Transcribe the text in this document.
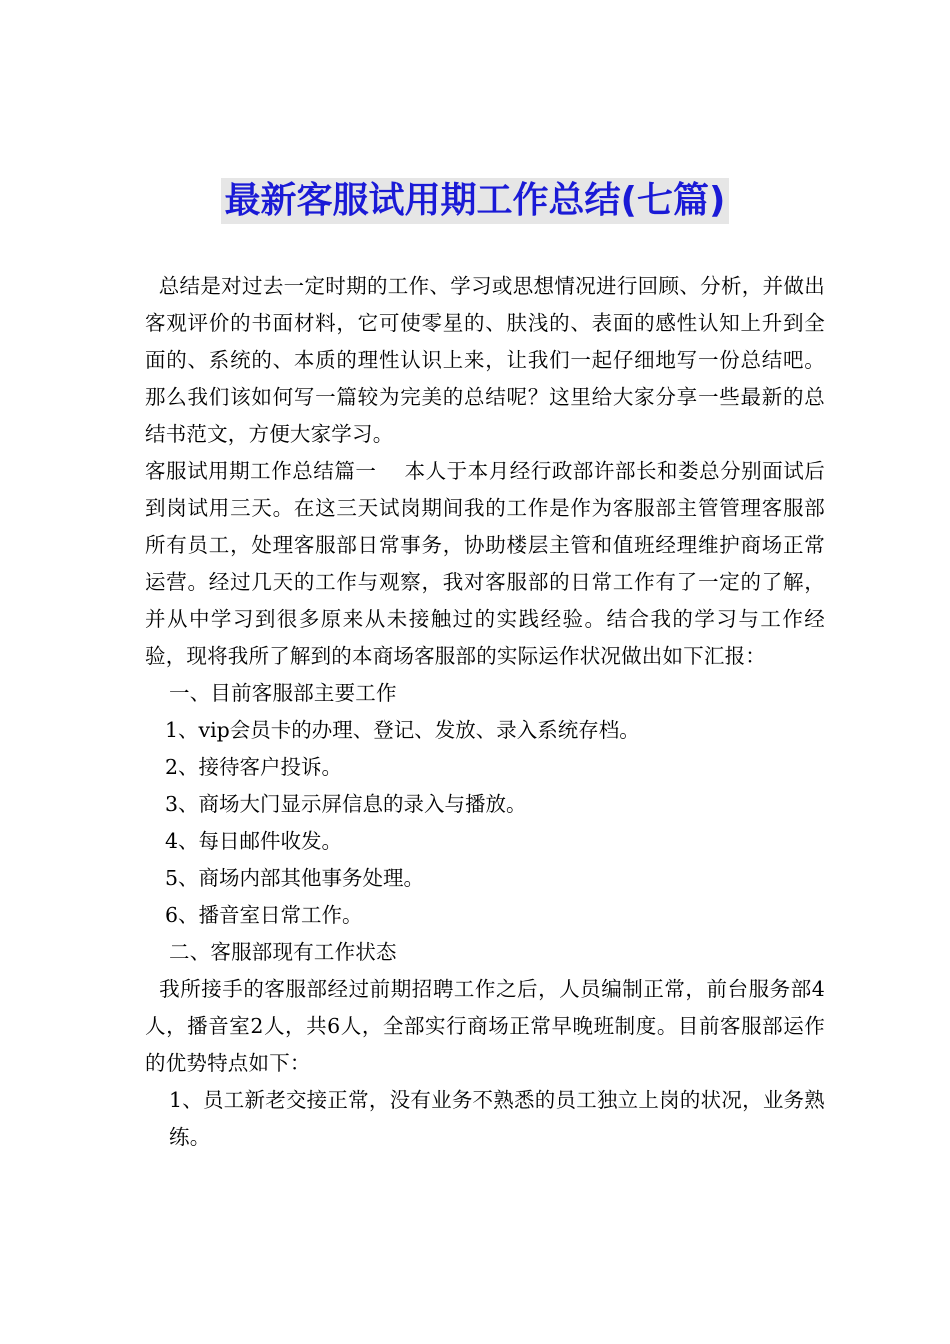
最新客服试用期工作总结(七篇)

总结是对过去一定时期的工作、学习或思想情况进行回顾、分析，并做出客观评价的书面材料，它可使零星的、肤浅的、表面的感性认知上升到全面的、系统的、本质的理性认识上来，让我们一起仔细地写一份总结吧。那么我们该如何写一篇较为完美的总结呢？这里给大家分享一些最新的总结书范文，方便大家学习。

客服试用期工作总结篇一    本人于本月经行政部许部长和娄总分别面试后到岗试用三天。在这三天试岗期间我的工作是作为客服部主管管理客服部所有员工，处理客服部日常事务，协助楼层主管和值班经理维护商场正常运营。经过几天的工作与观察，我对客服部的日常工作有了一定的了解，并从中学习到很多原来从未接触过的实践经验。结合我的学习与工作经验，现将我所了解到的本商场客服部的实际运作状况做出如下汇报：

一、目前客服部主要工作

1、vip会员卡的办理、登记、发放、录入系统存档。
2、接待客户投诉。
3、商场大门显示屏信息的录入与播放。
4、每日邮件收发。
5、商场内部其他事务处理。
6、播音室日常工作。

二、客服部现有工作状态

我所接手的客服部经过前期招聘工作之后，人员编制正常，前台服务部4人，播音室2人，共6人，全部实行商场正常早晚班制度。目前客服部运作的优势特点如下：

1、员工新老交接正常，没有业务不熟悉的员工独立上岗的状况，业务熟练。
